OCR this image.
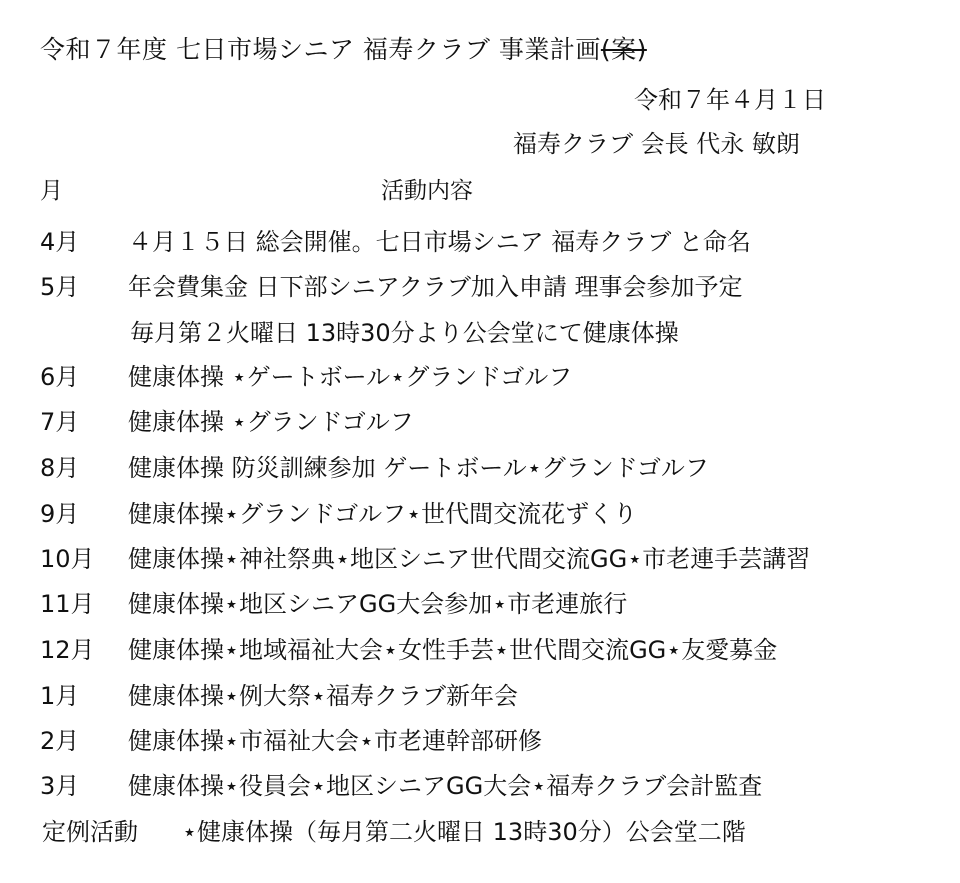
令和７年度 七日市場シニア 福寿クラブ 事業計画(案)
令和７年４月１日
福寿クラブ 会長 代永 敏朗
月	活動内容
4月 ４月１５日 総会開催。七日市場シニア 福寿クラブ と命名
5月 年会費集金 日下部シニアクラブ加入申請 理事会参加予定
毎月第２火曜日 13時30分より公会堂にて健康体操
6月 健康体操 ⋆ゲートボール⋆グランドゴルフ
7月 健康体操 ⋆グランドゴルフ
8月 健康体操 防災訓練参加 ゲートボール⋆グランドゴルフ
9月 健康体操⋆グランドゴルフ⋆世代間交流花ずくり
10月 健康体操⋆神社祭典⋆地区シニア世代間交流GG⋆市老連手芸講習
11月 健康体操⋆地区シニアGG大会参加⋆市老連旅行
12月 健康体操⋆地域福祉大会⋆女性手芸⋆世代間交流GG⋆友愛募金
1月 健康体操⋆例大祭⋆福寿クラブ新年会
2月 健康体操⋆市福祉大会⋆市老連幹部研修
3月 健康体操⋆役員会⋆地区シニアGG大会⋆福寿クラブ会計監査
定例活動 ⋆健康体操（毎月第二火曜日 13時30分）公会堂二階
